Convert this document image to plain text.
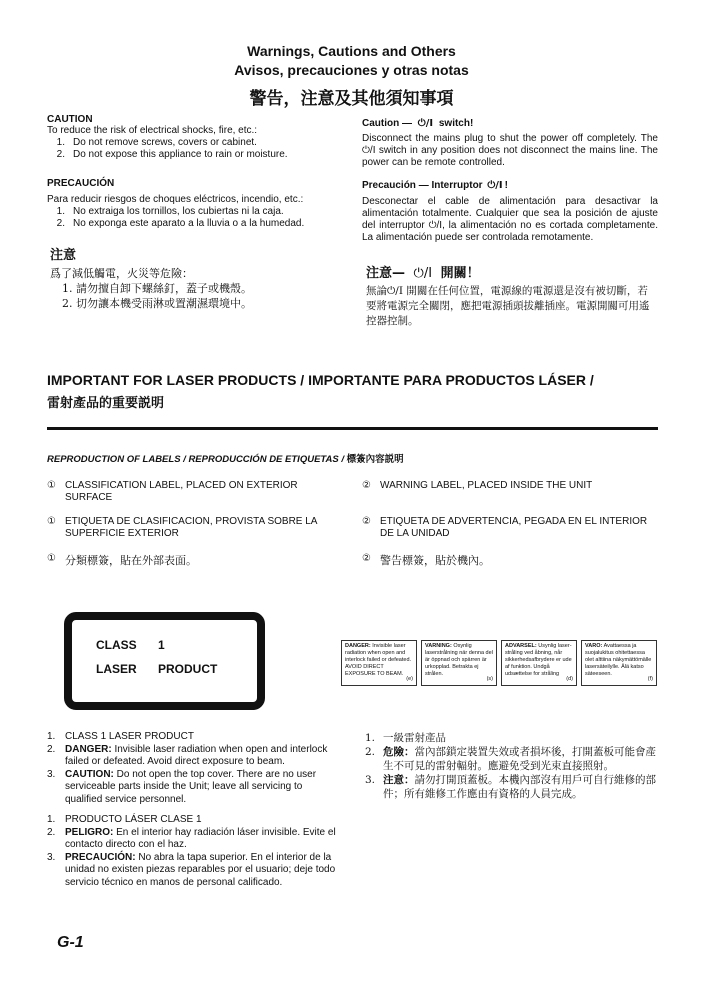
Warnings, Cautions and Others
Avisos, precauciones y otras notas
警告，注意及其他須知事項
CAUTION
To reduce the risk of electrical shocks, fire, etc.:
1. Do not remove screws, covers or cabinet.
2. Do not expose this appliance to rain or moisture.
PRECAUCIÓN
Para reducir riesgos de choques eléctricos, incendio, etc.:
1. No extraiga los tornillos, los cubiertas ni la caja.
2. No exponga este aparato a la lluvia o a la humedad.
注意
爲了減低觸電，火災等危險：
1. 請勿擅自卸下螺絲釘，蓋子或機殼。
2. 切勿讓本機受雨淋或置潮濕環境中。
Caution — ⏻/I switch!
Disconnect the mains plug to shut the power off completely. The ⏻/I switch in any position does not disconnect the mains line. The power can be remote controlled.
Precaución — Interruptor ⏻/I !
Desconectar el cable de alimentación para desactivar la alimentación totalmente. Cualquier que sea la posición de ajuste del interruptor ⏻/I, la alimentación no es cortada completamente. La alimentación puede ser controlada remotamente.
注意— ⏻/I 開關！
無論⏻/I 開關在任何位置，電源線的電源還是沒有被切斷，若要將電源完全關閉，應把電源插頭拔離插座。電源開關可用遙控器控制。
IMPORTANT FOR LASER PRODUCTS / IMPORTANTE PARA PRODUCTOS LÁSER /
雷射產品的重要説明
REPRODUCTION OF LABELS / REPRODUCCIÓN DE ETIQUETAS / 標簽內容説明
① CLASSIFICATION LABEL, PLACED ON EXTERIOR SURFACE
① ETIQUETA DE CLASIFICACION, PROVISTA SOBRE LA SUPERFICIE EXTERIOR
① 分類標簽，貼在外部表面。
② WARNING LABEL, PLACED INSIDE THE UNIT
② ETIQUETA DE ADVERTENCIA, PEGADA EN EL INTERIOR DE LA UNIDAD
② 警告標簽，貼於機內。
CLASS 1
LASER PRODUCT
DANGER: Invisible laser radiation when open and interlock failed or defeated. AVOID DIRECT EXPOSURE TO BEAM.
(e)
VARNING: Osynlig laserstrålning när denna del är öppnad och spärren är urkopplad. Betrakta ej strålen.
(s)
ADVARSEL: Usynlig laser-stråling ved åbning, når sikkerhedsafbrydere er ude af funktion. Undgå udsættelse for stråling
(d)
VARO: Avattaessa ja suojalukitus ohitettaessa olet alttiina näkymättömälle lasersäteilylle. Älä katso säteeseen.
(f)
1. CLASS 1 LASER PRODUCT
2. DANGER: Invisible laser radiation when open and interlock failed or defeated. Avoid direct exposure to beam.
3. CAUTION: Do not open the top cover. There are no user serviceable parts inside the Unit; leave all servicing to qualified service personnel.
1. PRODUCTO LÁSER CLASE 1
2. PELIGRO: En el interior hay radiación láser invisible. Evite el contacto directo con el haz.
3. PRECAUCIÓN: No abra la tapa superior. En el interior de la unidad no existen piezas reparables por el usuario; deje todo servicio técnico en manos de personal calificado.
1. 一級雷射產品
2. 危險：當內部鎖定裝置失效或者損坏後，打開蓋板可能會產生不可見的雷射輻射。應避免受到光束直接照射。
3. 注意：請勿打開頂蓋板。本機內部沒有用戶可自行維修的部件；所有維修工作應由有資格的人員完成。
G-1
